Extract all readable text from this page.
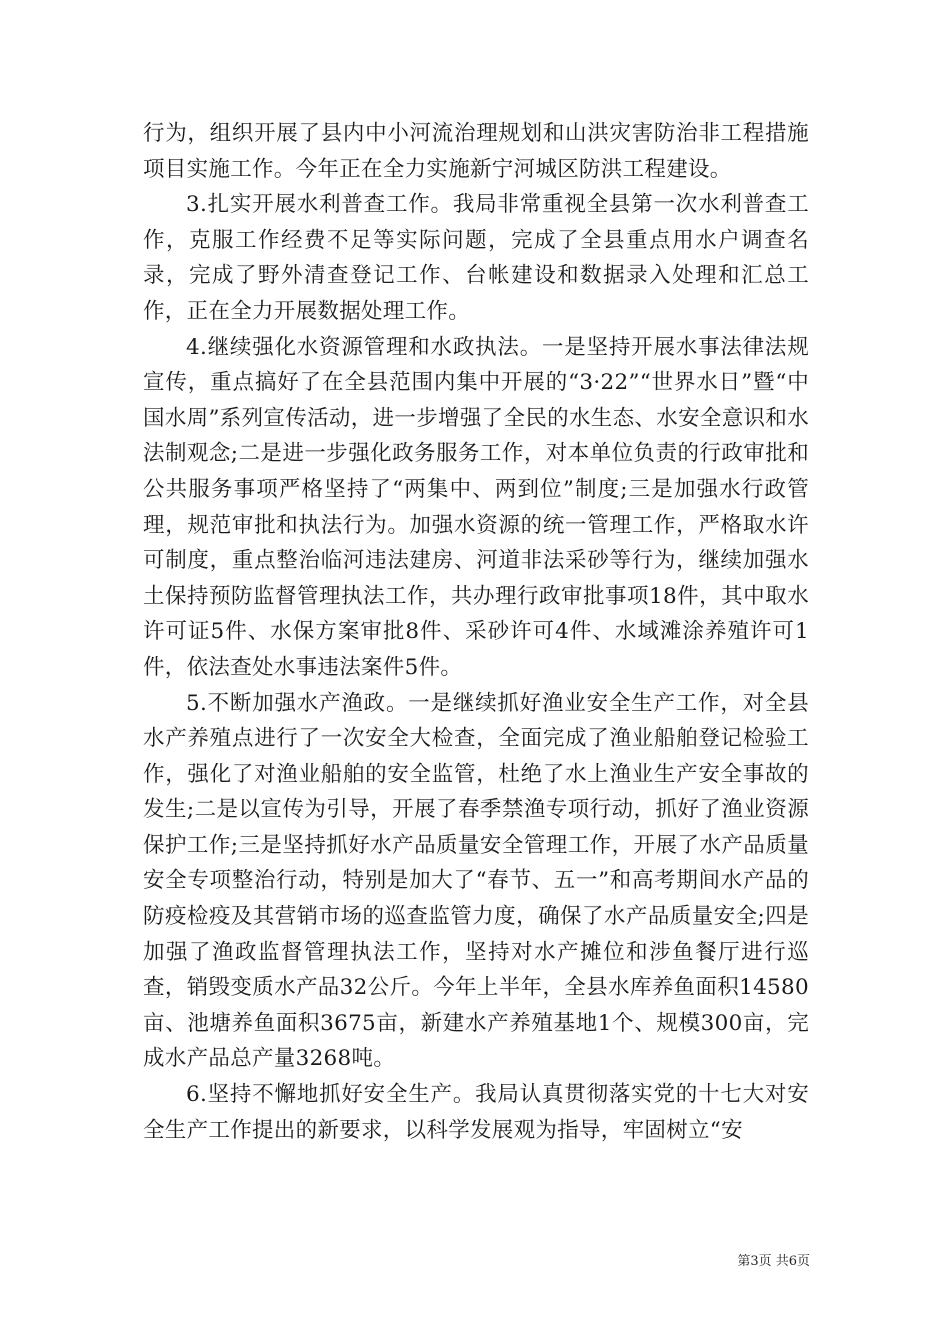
行为，组织开展了县内中小河流治理规划和山洪灾害防治非工程措施项目实施工作。今年正在全力实施新宁河城区防洪工程建设。

3.扎实开展水利普查工作。我局非常重视全县第一次水利普查工作，克服工作经费不足等实际问题，完成了全县重点用水户调查名录，完成了野外清查登记工作、台帐建设和数据录入处理和汇总工作，正在全力开展数据处理工作。

4.继续强化水资源管理和水政执法。一是坚持开展水事法律法规宣传，重点搞好了在全县范围内集中开展的“3·22”“世界水日”暨“中国水周”系列宣传活动，进一步增强了全民的水生态、水安全意识和水法制观念;二是进一步强化政务服务工作，对本单位负责的行政审批和公共服务事项严格坚持了“两集中、两到位”制度;三是加强水行政管理，规范审批和执法行为。加强水资源的统一管理工作，严格取水许可制度，重点整治临河违法建房、河道非法采砂等行为，继续加强水土保持预防监督管理执法工作，共办理行政审批事项18件，其中取水许可证5件、水保方案审批8件、采砂许可4件、水域滩涂养殖许可1件，依法查处水事违法案件5件。

5.不断加强水产渔政。一是继续抓好渔业安全生产工作，对全县水产养殖点进行了一次安全大检查，全面完成了渔业船舶登记检验工作，强化了对渔业船舶的安全监管，杜绝了水上渔业生产安全事故的发生;二是以宣传为引导，开展了春季禁渔专项行动，抓好了渔业资源保护工作;三是坚持抓好水产品质量安全管理工作，开展了水产品质量安全专项整治行动，特别是加大了“春节、五一”和高考期间水产品的防疫检疫及其营销市场的巡查监管力度，确保了水产品质量安全;四是加强了渔政监督管理执法工作，坚持对水产摊位和涉鱼餐厅进行巡查，销毁变质水产品32公斤。今年上半年，全县水库养鱼面积14580亩、池塘养鱼面积3675亩，新建水产养殖基地1个、规模300亩，完成水产品总产量3268吨。

6.坚持不懈地抓好安全生产。我局认真贯彻落实党的十七大对安全生产工作提出的新要求，以科学发展观为指导，牢固树立“安

第3页 共6页
